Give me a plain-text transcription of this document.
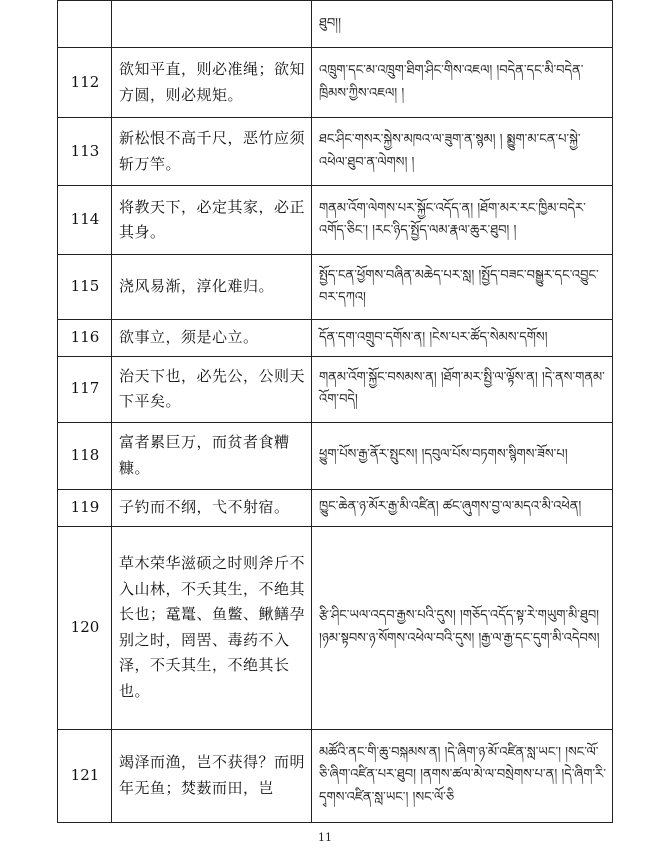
		ཐུབ།།
112	欲知平直，则必准绳；欲知方圆，则必规矩。	འཁྲུག་དང་མ་འཁྲུག་ཐིག་ཤིང་གིས་འཇལ། །བདེན་དང་མི་བདེན་ཁྲིམས་ཀྱིས་འཇལ། །
113	新松恨不高千尺，恶竹应须斩万竿。	ཐང་ཤིང་གསར་སྐྱེས་མཁའ་ལ་ཟུག་ན་སྙམ། ། སྨྱུག་མ་ངན་པ་སྐྱེ་འཕེལ་ཐུབ་ན་ལེགས། །
114	将教天下，必定其家，必正其身。	གནམ་འོག་ལེགས་པར་སྐྱོང་འདོད་ན། །ཐོག་མར་རང་ཁྱིམ་བདེར་འགོད་ཅིང་། །རང་ཉིད་སྤྱོད་ལམ་རྣལ་ཆུར་ཐུབ། །
115	浇风易渐，淳化难归。	སྤྱོད་ངན་ཕྱོགས་བཞིན་མཆེད་པར་སླ། །སྤྱོད་བཟང་བསྒྱུར་དང་འབྱུང་བར་དཀའ།
116	欲事立，须是心立。	དོན་དག་འགྲུབ་དགོས་ན། །ངེས་པར་ཚོད་སེམས་དགོས།
117	治天下也，必先公，公则天下平矣。	གནམ་འོག་སྐྱོང་བསམས་ན། །ཐོག་མར་སྤྱི་ལ་ལྟོས་ན། །དེ་ནས་གནམ་འོག་བདེ།
118	富者累巨万，而贫者食糟糠。	ཕྱུག་པོས་རྒྱ་ནོར་སྤུངས། །དབུལ་པོས་བཏགས་སྙིགས་ཟོས་པ།
119	子钓而不纲，弋不射宿。	ཁྱུང་ཆེན་ཉ་མོར་རྒྱ་མི་འཛིན། ཚང་ཞུགས་བྱ་ལ་མདའ་མི་འཕེན།
120	草木荣华滋硕之时则斧斤不入山林，不夭其生，不绝其长也；鼋鼍、鱼鳖、鳅鳝孕别之时，罔罟、毒药不入泽，不夭其生，不绝其长也。	རྩི་ཤིང་ཡལ་འདབ་རྒྱས་པའི་དུས། །གཅོད་འདོད་སྟ་རེ་གཡུག་མི་ཐུབ། །ཉམ་སྟབས་ཉ་སོགས་འཕེལ་བའི་དུས། །རྒྱ་ལ་རྒྱ་དང་དུག་མི་འདེབས།
121	竭泽而渔，岂不获得？而明年无鱼；焚薮而田，岂	མཚོའི་ནང་གི་ཆུ་བསྐམས་ན། །དེ་ཞིག་ཉ་མོ་འཛིན་སླ་ཡང་། །སང་ལོ་ཅི་ཞིག་འཛིན་པར་ཐུབ། །ནགས་ཚལ་མེ་ལ་བསྲེགས་པ་ན། །དེ་ཞིག་རི་དྭགས་འཛིན་སླ་ཡང་། །སང་ལོ་ཅི
11
